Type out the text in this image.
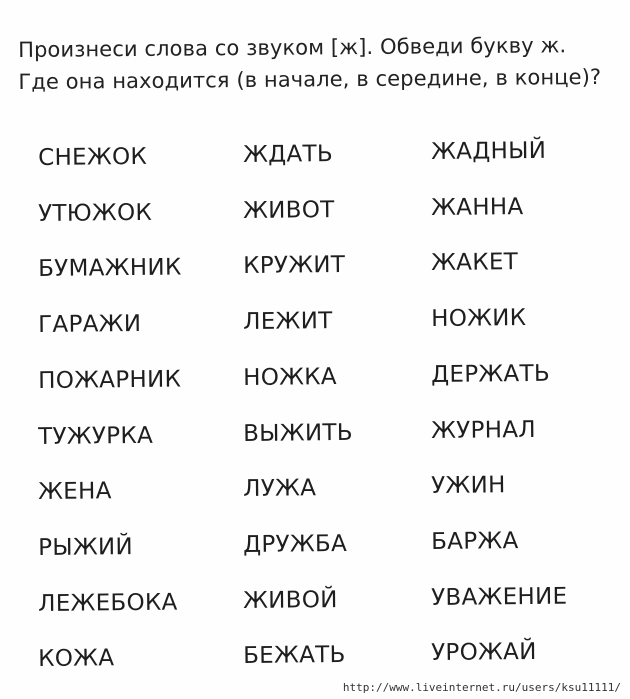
Произнеси слова со звуком [ж]. Обведи букву ж. Где она находится (в начале, в середине, в конце)?

СНЕЖОК
УТЮЖОК
БУМАЖНИК
ГАРАЖИ
ПОЖАРНИК
ТУЖУРКА
ЖЕНА
РЫЖИЙ
ЛЕЖЕБОКА
КОЖА
ЖДАТЬ
ЖИВОТ
КРУЖИТ
ЛЕЖИТ
НОЖКА
ВЫЖИТЬ
ЛУЖА
ДРУЖБА
ЖИВОЙ
БЕЖАТЬ
ЖАДНЫЙ
ЖАННА
ЖАКЕТ
НОЖИК
ДЕРЖАТЬ
ЖУРНАЛ
УЖИН
БАРЖА
УВАЖЕНИЕ
УРОЖАЙ
http://www.liveinternet.ru/users/ksu11111/
